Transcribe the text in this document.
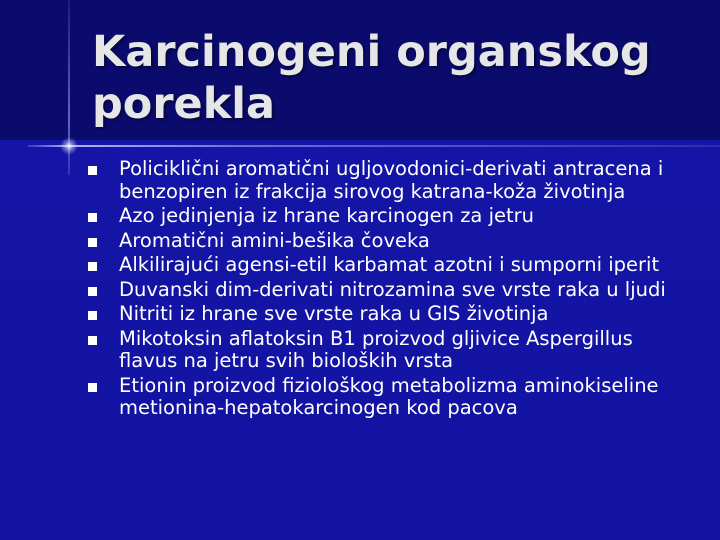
Karcinogeni organskog porekla
Policiklični aromatični ugljovodonici-derivati antracena i benzopiren iz frakcija sirovog katrana-koža životinja
Azo jedinjenja iz hrane karcinogen za jetru
Aromatični amini-bešika čoveka
Alkilirajući agensi-etil karbamat azotni i sumporni iperit
Duvanski dim-derivati nitrozamina sve vrste raka u ljudi
Nitriti iz hrane sve vrste raka u GIS životinja
Mikotoksin aflatoksin B1 proizvod gljivice Aspergillus flavus na jetru svih bioloških vrsta
Etionin proizvod fiziološkog metabolizma aminokiseline metionina-hepatokarcinogen kod pacova
